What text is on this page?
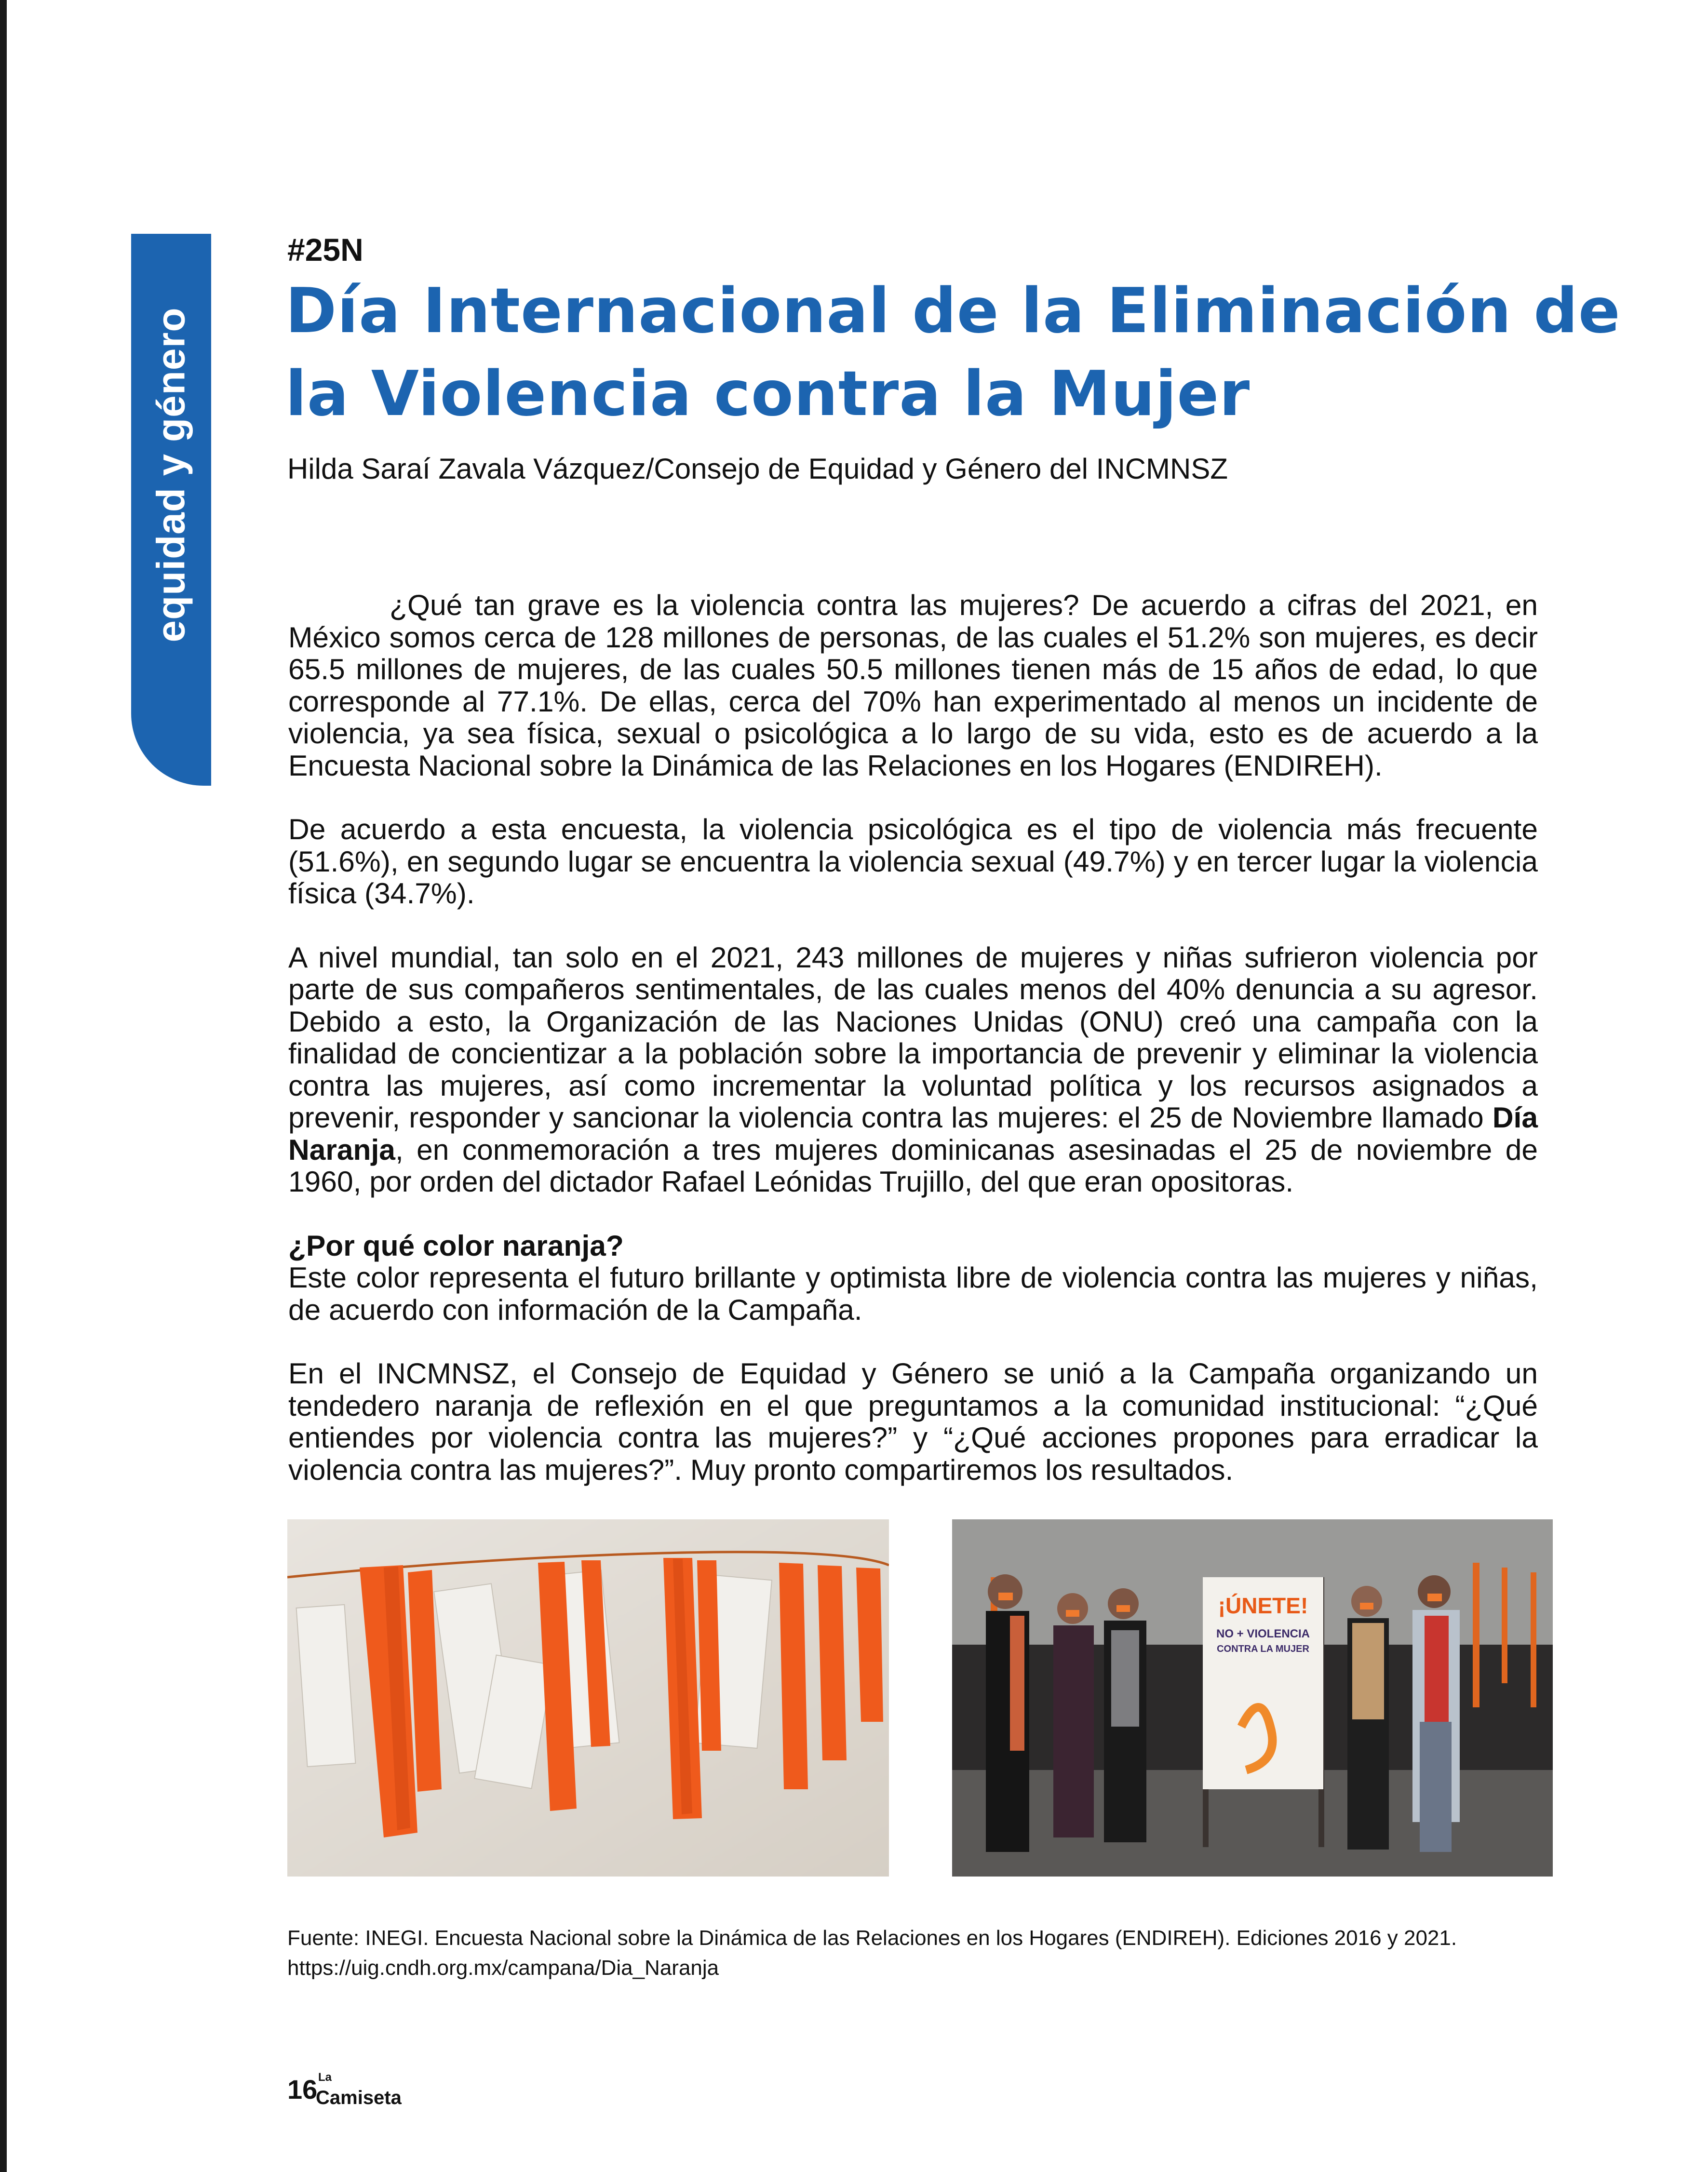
equidad y género
#25N
Día Internacional de la Eliminación de la Violencia contra la Mujer
Hilda Saraí Zavala Vázquez/Consejo de Equidad y Género del INCMNSZ

¿Qué tan grave es la violencia contra las mujeres? De acuerdo a cifras del 2021, en México somos cerca de 128 millones de personas, de las cuales el 51.2% son mujeres, es decir 65.5 millones de mujeres, de las cuales 50.5 millones tienen más de 15 años de edad, lo que corresponde al 77.1%. De ellas, cerca del 70% han experimentado al menos un incidente de violencia, ya sea física, sexual o psicológica a lo largo de su vida, esto es de acuerdo a la Encuesta Nacional sobre la Dinámica de las Relaciones en los Hogares (ENDIREH).

De acuerdo a esta encuesta, la violencia psicológica es el tipo de violencia más frecuente (51.6%), en segundo lugar se encuentra la violencia sexual (49.7%) y en tercer lugar la violencia física (34.7%).

A nivel mundial, tan solo en el 2021, 243 millones de mujeres y niñas sufrieron violencia por parte de sus compañeros sentimentales, de las cuales menos del 40% denuncia a su agresor. Debido a esto, la Organización de las Naciones Unidas (ONU) creó una campaña con la finalidad de concientizar a la población sobre la importancia de prevenir y eliminar la violencia contra las mujeres, así como incrementar la voluntad política y los recursos asignados a prevenir, responder y sancionar la violencia contra las mujeres: el 25 de Noviembre llamado Día Naranja, en conmemoración a tres mujeres dominicanas asesinadas el 25 de noviembre de 1960, por orden del dictador Rafael Leónidas Trujillo, del que eran opositoras.

¿Por qué color naranja?

Este color representa el futuro brillante y optimista libre de violencia contra las mujeres y niñas, de acuerdo con información de la Campaña.

En el INCMNSZ, el Consejo de Equidad y Género se unió a la Campaña organizando un tendedero naranja de reflexión en el que preguntamos a la comunidad institucional: “¿Qué entiendes por violencia contra las mujeres?” y “¿Qué acciones propones para erradicar la violencia contra las mujeres?”. Muy pronto compartiremos los resultados.

¡ÚNETE!
NO + VIOLENCIA
CONTRA LA MUJER
Fuente: INEGI. Encuesta Nacional sobre la Dinámica de las Relaciones en los Hogares (ENDIREH). Ediciones 2016 y 2021. https://uig.cndh.org.mx/campana/Dia_Naranja
16 La
Camiseta
